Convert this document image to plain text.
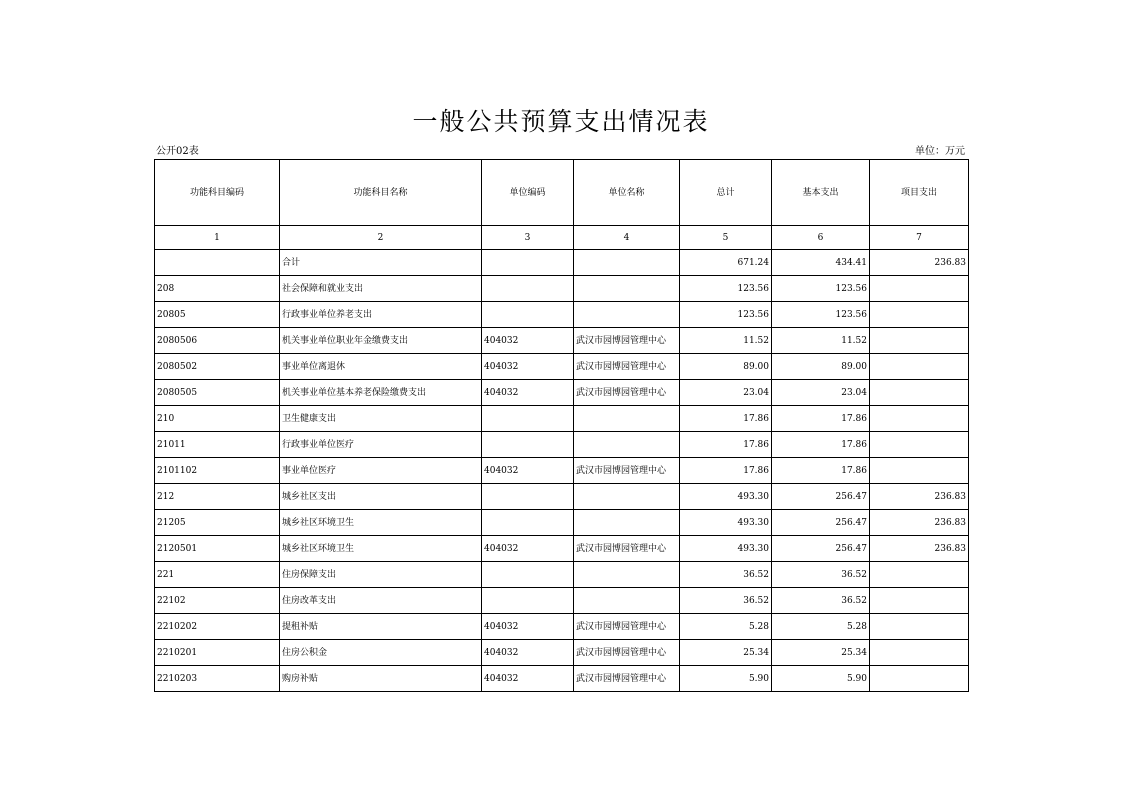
一般公共预算支出情况表
公开02表	单位：万元
功能科目编码	功能科目名称	单位编码	单位名称	总计	基本支出	项目支出
1	2	3	4	5	6	7
	合计			671.24	434.41	236.83
208	社会保障和就业支出			123.56	123.56	
20805	行政事业单位养老支出			123.56	123.56	
2080506	机关事业单位职业年金缴费支出	404032	武汉市园博园管理中心	11.52	11.52	
2080502	事业单位离退休	404032	武汉市园博园管理中心	89.00	89.00	
2080505	机关事业单位基本养老保险缴费支出	404032	武汉市园博园管理中心	23.04	23.04	
210	卫生健康支出			17.86	17.86	
21011	行政事业单位医疗			17.86	17.86	
2101102	事业单位医疗	404032	武汉市园博园管理中心	17.86	17.86	
212	城乡社区支出			493.30	256.47	236.83
21205	城乡社区环境卫生			493.30	256.47	236.83
2120501	城乡社区环境卫生	404032	武汉市园博园管理中心	493.30	256.47	236.83
221	住房保障支出			36.52	36.52	
22102	住房改革支出			36.52	36.52	
2210202	提租补贴	404032	武汉市园博园管理中心	5.28	5.28	
2210201	住房公积金	404032	武汉市园博园管理中心	25.34	25.34	
2210203	购房补贴	404032	武汉市园博园管理中心	5.90	5.90	
